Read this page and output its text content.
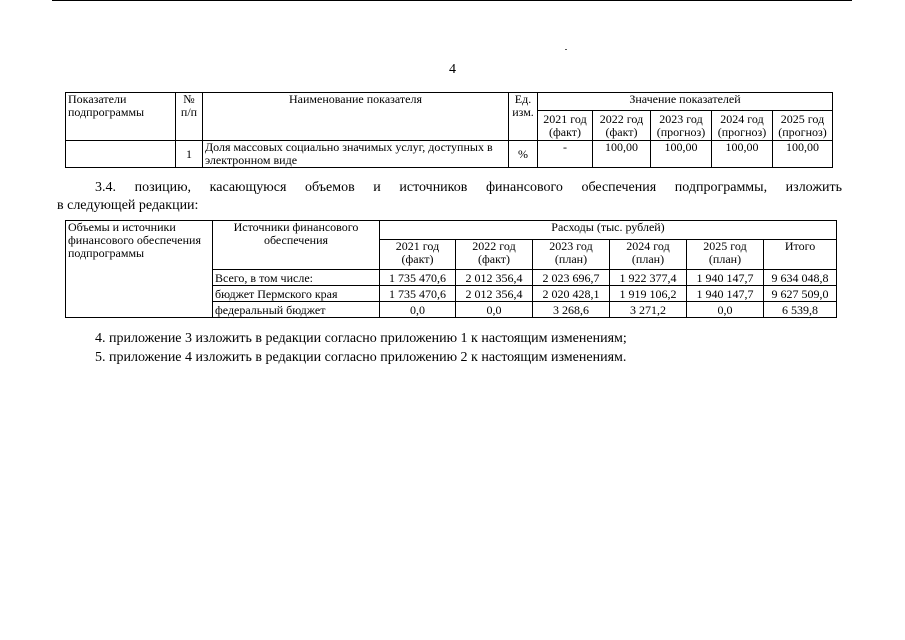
4
Показатели подпрограммы	№ п/п	Наименование показателя	Ед. изм.	Значение показателей				
				2021 год (факт)	2022 год (факт)	2023 год (прогноз)	2024 год (прогноз)	2025 год (прогноз)
	1	Доля массовых социально значимых услуг, доступных в электронном виде	%	-	100,00	100,00	100,00	100,00

3.4. позицию, касающуюся объемов и источников финансового обеспечения подпрограммы, изложить
в следующей редакции:

Объемы и источники финансового обеспечения подпрограммы	Источники финансового обеспечения	Расходы (тыс. рублей)					
		2021 год (факт)	2022 год (факт)	2023 год (план)	2024 год (план)	2025 год (план)	Итого
	Всего, в том числе:	1 735 470,6	2 012 356,4	2 023 696,7	1 922 377,4	1 940 147,7	9 634 048,8
	бюджет Пермского края	1 735 470,6	2 012 356,4	2 020 428,1	1 919 106,2	1 940 147,7	9 627 509,0
	федеральный бюджет	0,0	0,0	3 268,6	3 271,2	0,0	6 539,8

4. приложение 3 изложить в редакции согласно приложению 1 к настоящим изменениям;

5. приложение 4 изложить в редакции согласно приложению 2 к настоящим изменениям.
